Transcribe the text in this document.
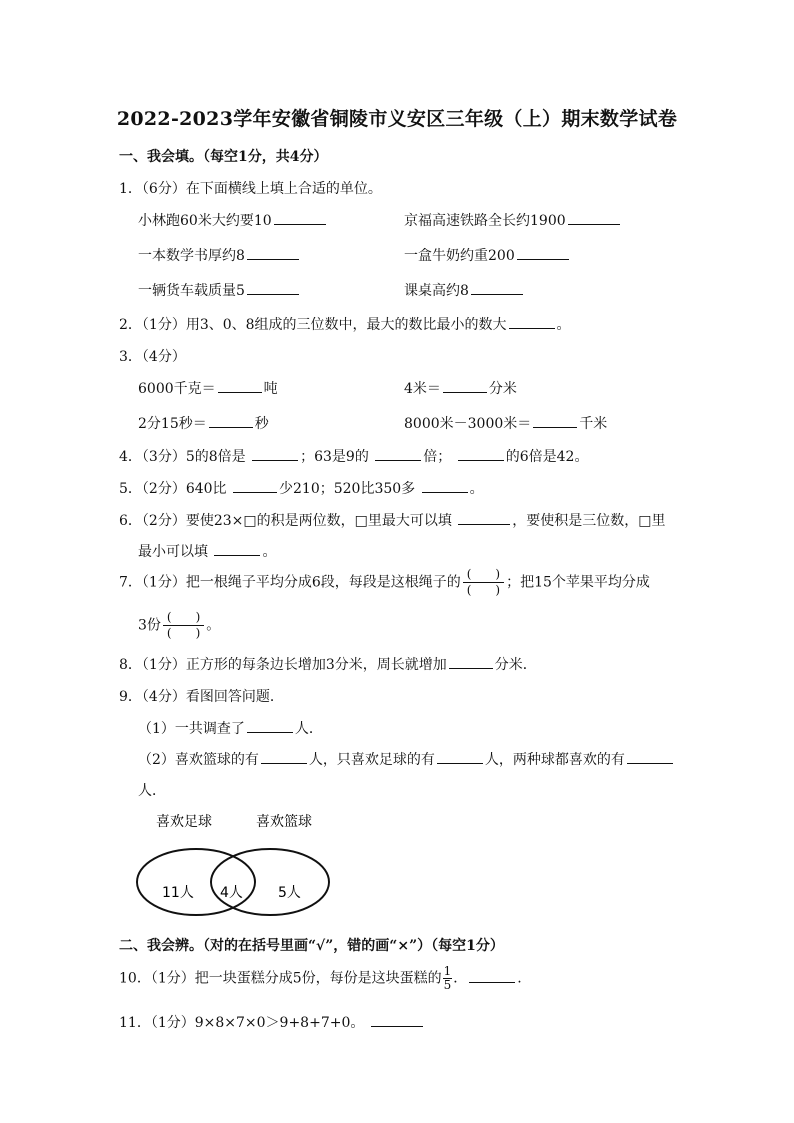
2022-2023学年安徽省铜陵市义安区三年级（上）期末数学试卷
一、我会填。（每空1分，共4分）
1．（6分）在下面横线上填上合适的单位。
小林跑60米大约要10	京福高速铁路全长约1900
一本数学书厚约8	一盒牛奶约重200
一辆货车载质量5	课桌高约8
2．（1分）用3、0、8组成的三位数中，最大的数比最小的数大	。
3．（4分）
6000千克＝	吨	4米＝	分米
2分15秒＝	秒	8000米－3000米＝	千米
4．（3分）5的8倍是	；63是9的	倍；	的6倍是42。
5．（2分）640比	少210；520比350多	。
6．（2分）要使23×□的积是两位数，□里最大可以填	，要使积是三位数，□里
最小可以填	。
7．（1分）把一根绳子平均分成6段，每段是这根绳子的 $\frac{( )}{( )}$ ；把15个苹果平均分成
3份 $\frac{( )}{( )}$ 。
8．（1分）正方形的每条边长增加3分米，周长就增加	分米．
9．（4分）看图回答问题．
（1）一共调查了	人．
（2）喜欢篮球的有	人，只喜欢足球的有	人，两种球都喜欢的有
人．
喜欢足球	喜欢篮球
11人 4人	5人
二、我会辨。（对的在括号里画“√”，错的画“×”）（每空1分）
10．（1分）把一块蛋糕分成5份，每份是这块蛋糕的 $\frac{1}{5}$ ．	.
11．（1分）9×8×7×0＞9+8+7+0。
